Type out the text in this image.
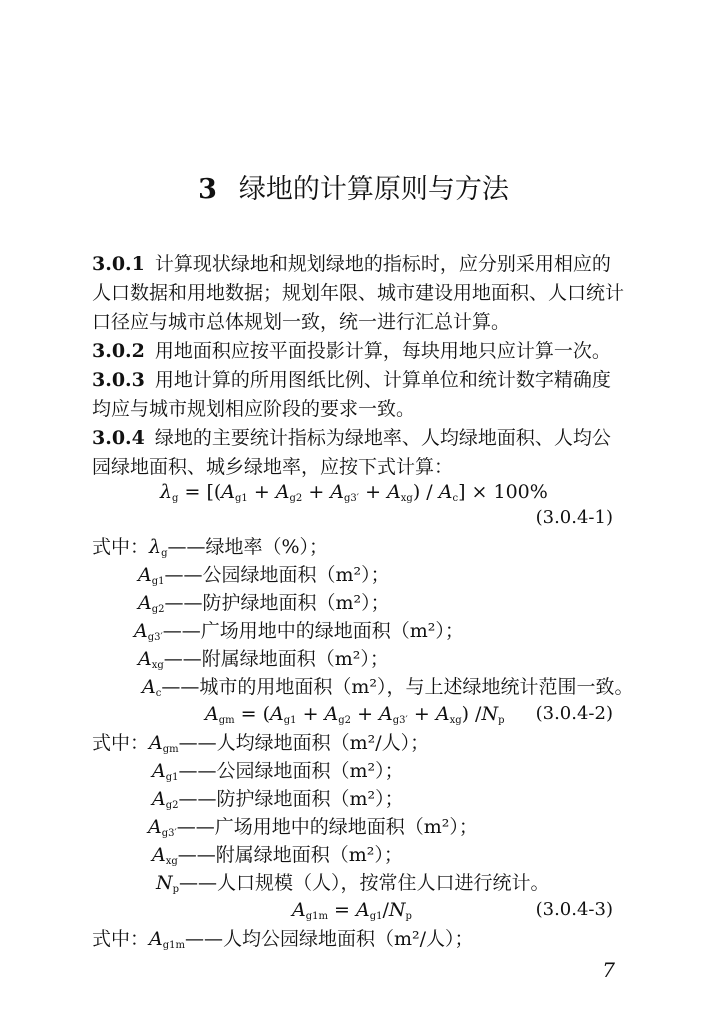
3 绿地的计算原则与方法
3.0.1 计算现状绿地和规划绿地的指标时，应分别采用相应的
人口数据和用地数据；规划年限、城市建设用地面积、人口统计
口径应与城市总体规划一致，统一进行汇总计算。
3.0.2 用地面积应按平面投影计算，每块用地只应计算一次。
3.0.3 用地计算的所用图纸比例、计算单位和统计数字精确度
均应与城市规划相应阶段的要求一致。
3.0.4 绿地的主要统计指标为绿地率、人均绿地面积、人均公
园绿地面积、城乡绿地率，应按下式计算：
$\lambda_g = [(A_{g1} + A_{g2} + A_{g3'} + A_{xg}) / A_c] \times 100\%$
(3.0.4-1)
式中：$\lambda_g——$绿地率（%）；
$A_{g1}——$公园绿地面积（m²）；
$A_{g2}——$防护绿地面积（m²）；
$A_{g3'}——$广场用地中的绿地面积（m²）；
$A_{xg}——$附属绿地面积（m²）；
$A_c——$城市的用地面积（m²），与上述绿地统计范围一致。
$A_{gm} = (A_{g1} + A_{g2} + A_{g3'} + A_{xg})$ $/N_p$ (3.0.4-2)
式中：$A_{gm}——$人均绿地面积（m²/人）；
$A_{g1}——$公园绿地面积（m²）；
$A_{g2}——$防护绿地面积（m²）；
$A_{g3'}——$广场用地中的绿地面积（m²）；
$A_{xg}——$附属绿地面积（m²）；
$N_p——$人口规模（人），按常住人口进行统计。
$A_{g1m} = A_{g1}/N_p$	(3.0.4-3)
式中：$A_{g1m}——$人均公园绿地面积（m²/人）；
7
